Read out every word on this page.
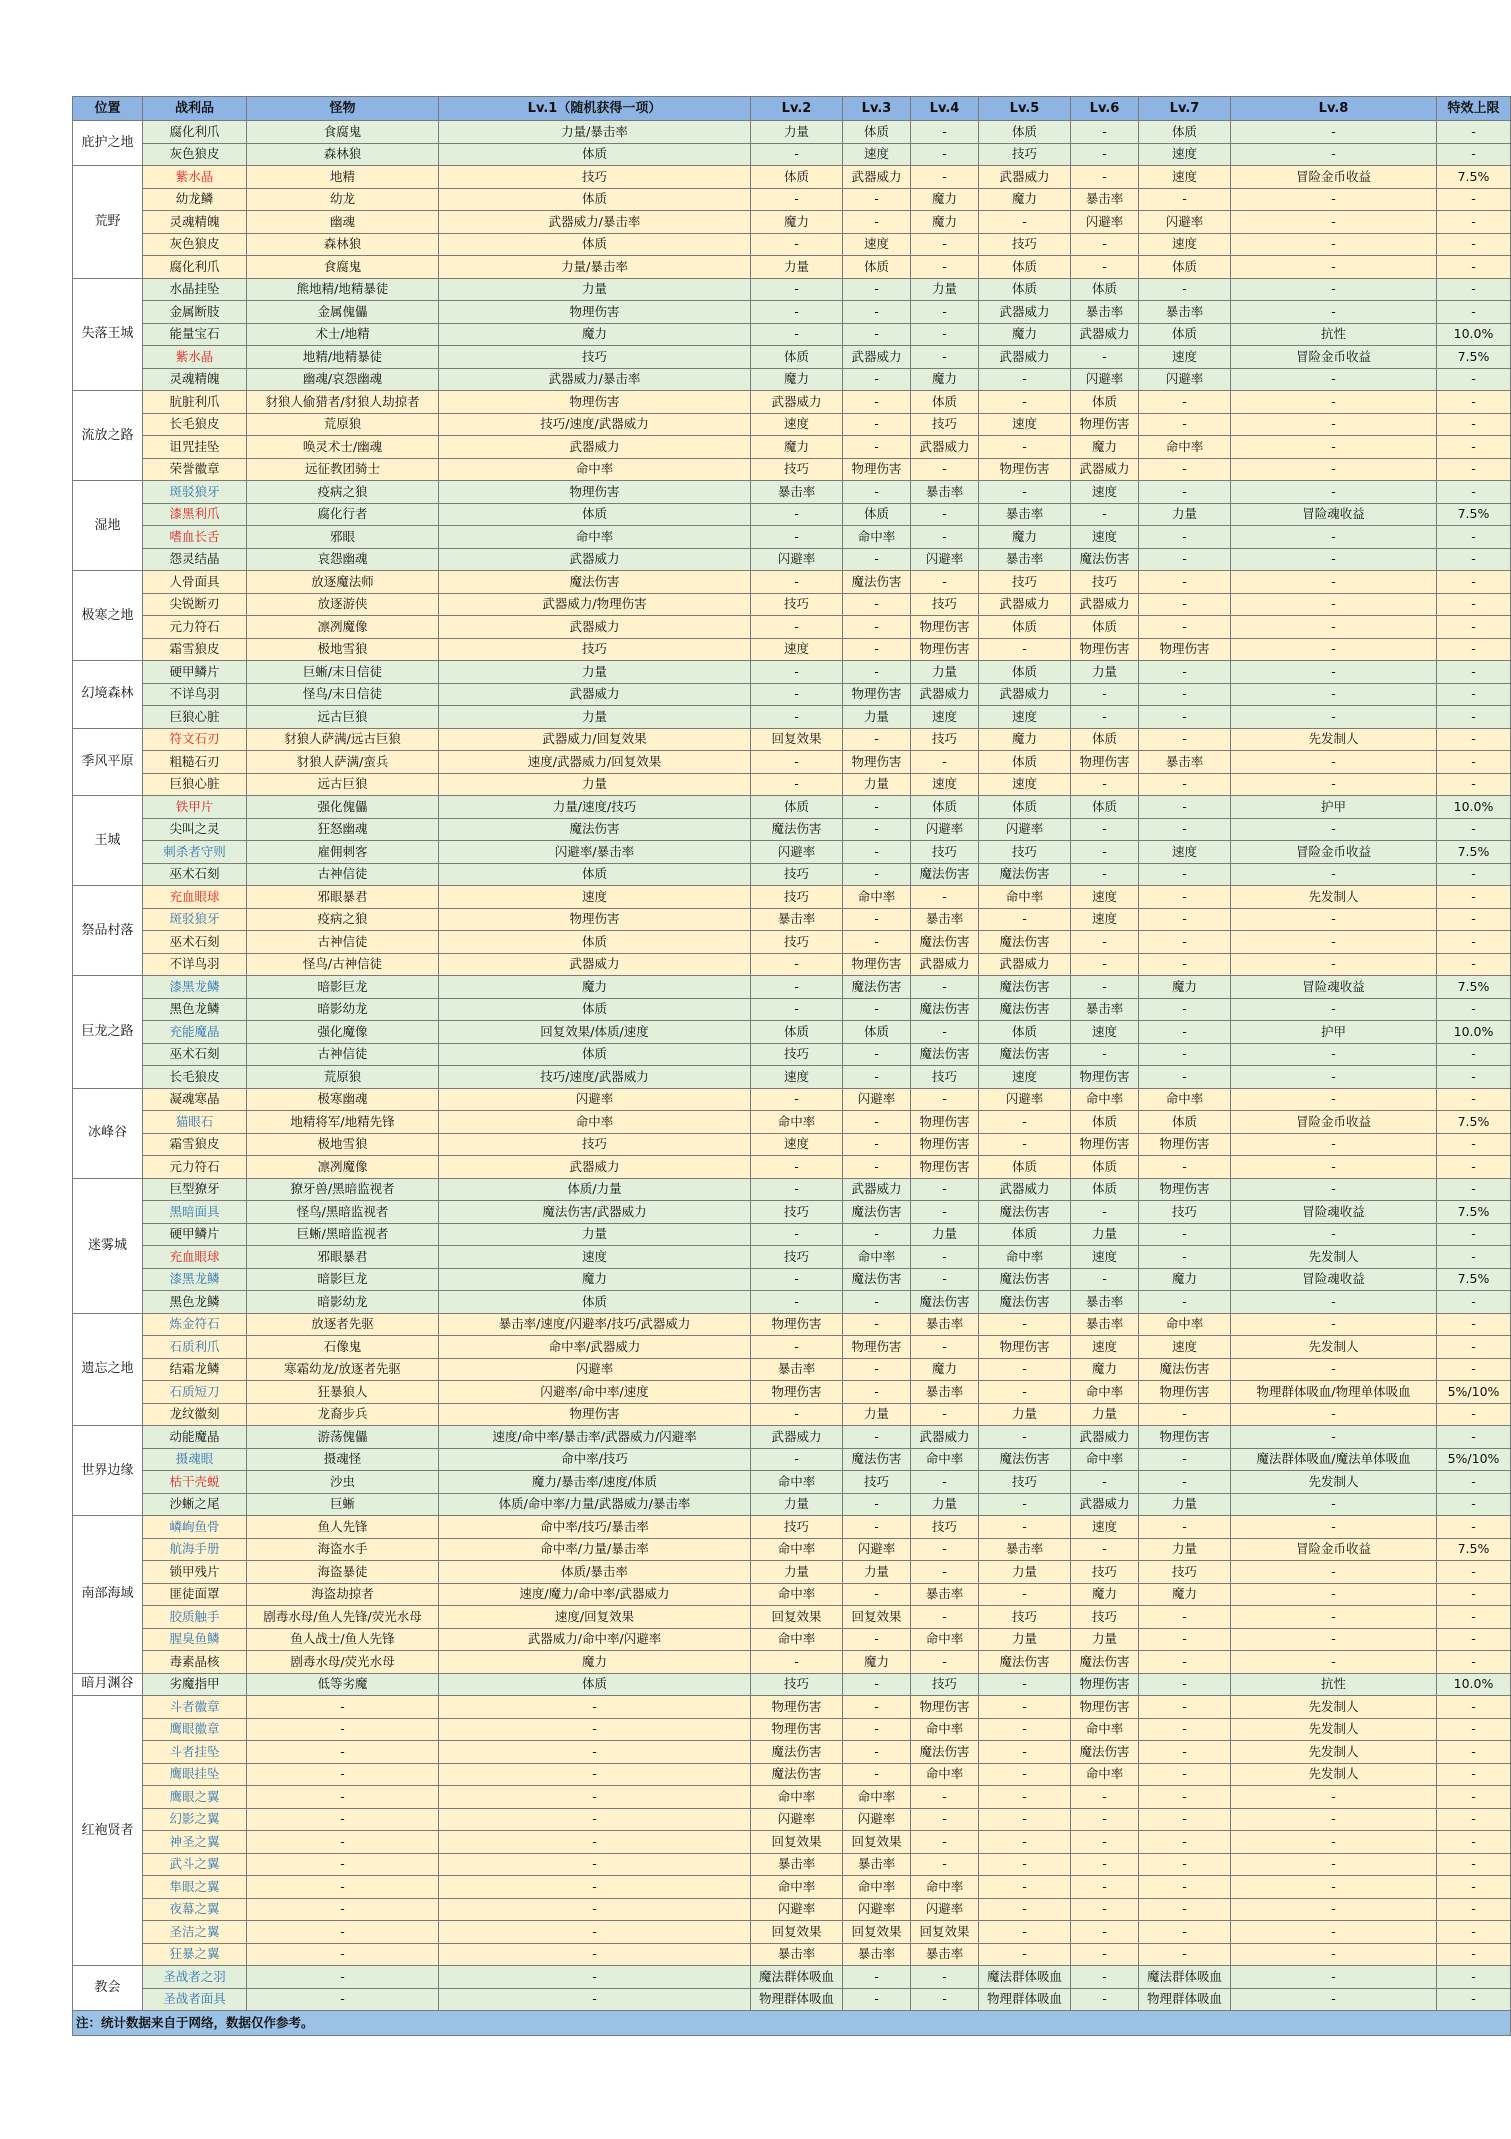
位置	战利品	怪物	Lv.1（随机获得一项）	Lv.2	Lv.3	Lv.4	Lv.5	Lv.6	Lv.7	Lv.8	特效上限
庇护之地	腐化利爪	食腐鬼	力量/暴击率	力量	体质	-	体质	-	体质	-	-
	灰色狼皮	森林狼	体质	-	速度	-	技巧	-	速度	-	-
荒野	紫水晶	地精	技巧	体质	武器威力	-	武器威力	-	速度	冒险金币收益	7.5%
	幼龙鳞	幼龙	体质	-	-	魔力	魔力	暴击率	-	-	-
	灵魂精魄	幽魂	武器威力/暴击率	魔力	-	魔力	-	闪避率	闪避率	-	-
	灰色狼皮	森林狼	体质	-	速度	-	技巧	-	速度	-	-
	腐化利爪	食腐鬼	力量/暴击率	力量	体质	-	体质	-	体质	-	-
失落王城	水晶挂坠	熊地精/地精暴徒	力量	-	-	力量	体质	体质	-	-	-
	金属断肢	金属傀儡	物理伤害	-	-	-	武器威力	暴击率	暴击率	-	-
	能量宝石	术士/地精	魔力	-	-	-	魔力	武器威力	体质	抗性	10.0%
	紫水晶	地精/地精暴徒	技巧	体质	武器威力	-	武器威力	-	速度	冒险金币收益	7.5%
	灵魂精魄	幽魂/哀怨幽魂	武器威力/暴击率	魔力	-	魔力	-	闪避率	闪避率	-	-
流放之路	肮脏利爪	豺狼人偷猎者/豺狼人劫掠者	物理伤害	武器威力	-	体质	-	体质	-	-	-
	长毛狼皮	荒原狼	技巧/速度/武器威力	速度	-	技巧	速度	物理伤害	-	-	-
	诅咒挂坠	唤灵术士/幽魂	武器威力	魔力	-	武器威力	-	魔力	命中率	-	-
	荣誉徽章	远征教团骑士	命中率	技巧	物理伤害	-	物理伤害	武器威力	-	-	-
湿地	斑驳狼牙	疫病之狼	物理伤害	暴击率	-	暴击率	-	速度	-	-	-
	漆黑利爪	腐化行者	体质	-	体质	-	暴击率	-	力量	冒险魂收益	7.5%
	嗜血长舌	邪眼	命中率	-	命中率	-	魔力	速度	-	-	-
	怨灵结晶	哀怨幽魂	武器威力	闪避率	-	闪避率	暴击率	魔法伤害	-	-	-
极寒之地	人骨面具	放逐魔法师	魔法伤害	-	魔法伤害	-	技巧	技巧	-	-	-
	尖锐断刃	放逐游侠	武器威力/物理伤害	技巧	-	技巧	武器威力	武器威力	-	-	-
	元力符石	凛冽魔像	武器威力	-	-	物理伤害	体质	体质	-	-	-
	霜雪狼皮	极地雪狼	技巧	速度	-	物理伤害	-	物理伤害	物理伤害	-	-
幻境森林	硬甲鳞片	巨蜥/末日信徒	力量	-	-	力量	体质	力量	-	-	-
	不详鸟羽	怪鸟/末日信徒	武器威力	-	物理伤害	武器威力	武器威力	-	-	-	-
	巨狼心脏	远古巨狼	力量	-	力量	速度	速度	-	-	-	-
季风平原	符文石刃	豺狼人萨满/远古巨狼	武器威力/回复效果	回复效果	-	技巧	魔力	体质	-	先发制人	-
	粗糙石刃	豺狼人萨满/蛮兵	速度/武器威力/回复效果	-	物理伤害	-	体质	物理伤害	暴击率	-	-
	巨狼心脏	远古巨狼	力量	-	力量	速度	速度	-	-	-	-
王城	铁甲片	强化傀儡	力量/速度/技巧	体质	-	体质	体质	体质	-	护甲	10.0%
	尖叫之灵	狂怒幽魂	魔法伤害	魔法伤害	-	闪避率	闪避率	-	-	-	-
	刺杀者守则	雇佣刺客	闪避率/暴击率	闪避率	-	技巧	技巧	-	速度	冒险金币收益	7.5%
	巫术石刻	古神信徒	体质	技巧	-	魔法伤害	魔法伤害	-	-	-	-
祭品村落	充血眼球	邪眼暴君	速度	技巧	命中率	-	命中率	速度	-	先发制人	-
	斑驳狼牙	疫病之狼	物理伤害	暴击率	-	暴击率	-	速度	-	-	-
	巫术石刻	古神信徒	体质	技巧	-	魔法伤害	魔法伤害	-	-	-	-
	不详鸟羽	怪鸟/古神信徒	武器威力	-	物理伤害	武器威力	武器威力	-	-	-	-
巨龙之路	漆黑龙鳞	暗影巨龙	魔力	-	魔法伤害	-	魔法伤害	-	魔力	冒险魂收益	7.5%
	黑色龙鳞	暗影幼龙	体质	-	-	魔法伤害	魔法伤害	暴击率	-	-	-
	充能魔晶	强化魔像	回复效果/体质/速度	体质	体质	-	体质	速度	-	护甲	10.0%
	巫术石刻	古神信徒	体质	技巧	-	魔法伤害	魔法伤害	-	-	-	-
	长毛狼皮	荒原狼	技巧/速度/武器威力	速度	-	技巧	速度	物理伤害	-	-	-
冰峰谷	凝魂寒晶	极寒幽魂	闪避率	-	闪避率	-	闪避率	命中率	命中率	-	-
	猫眼石	地精将军/地精先锋	命中率	命中率	-	物理伤害	-	体质	体质	冒险金币收益	7.5%
	霜雪狼皮	极地雪狼	技巧	速度	-	物理伤害	-	物理伤害	物理伤害	-	-
	元力符石	凛冽魔像	武器威力	-	-	物理伤害	体质	体质	-	-	-
迷雾城	巨型獠牙	獠牙兽/黑暗监视者	体质/力量	-	武器威力	-	武器威力	体质	物理伤害	-	-
	黑暗面具	怪鸟/黑暗监视者	魔法伤害/武器威力	技巧	魔法伤害	-	魔法伤害	-	技巧	冒险魂收益	7.5%
	硬甲鳞片	巨蜥/黑暗监视者	力量	-	-	力量	体质	力量	-	-	-
	充血眼球	邪眼暴君	速度	技巧	命中率	-	命中率	速度	-	先发制人	-
	漆黑龙鳞	暗影巨龙	魔力	-	魔法伤害	-	魔法伤害	-	魔力	冒险魂收益	7.5%
	黑色龙鳞	暗影幼龙	体质	-	-	魔法伤害	魔法伤害	暴击率	-	-	-
遗忘之地	炼金符石	放逐者先驱	暴击率/速度/闪避率/技巧/武器威力	物理伤害	-	暴击率	-	暴击率	命中率	-	-
	石质利爪	石像鬼	命中率/武器威力	-	物理伤害	-	物理伤害	速度	速度	先发制人	-
	结霜龙鳞	寒霜幼龙/放逐者先驱	闪避率	暴击率	-	魔力	-	魔力	魔法伤害	-	-
	石质短刀	狂暴狼人	闪避率/命中率/速度	物理伤害	-	暴击率	-	命中率	物理伤害	物理群体吸血/物理单体吸血	5%/10%
	龙纹徽刻	龙裔步兵	物理伤害	-	力量	-	力量	力量	-	-	-
世界边缘	动能魔晶	游荡傀儡	速度/命中率/暴击率/武器威力/闪避率	武器威力	-	武器威力	-	武器威力	物理伤害	-	-
	摄魂眼	摄魂怪	命中率/技巧	-	魔法伤害	命中率	魔法伤害	命中率	-	魔法群体吸血/魔法单体吸血	5%/10%
	枯干壳蜕	沙虫	魔力/暴击率/速度/体质	命中率	技巧	-	技巧	-	-	先发制人	-
	沙蜥之尾	巨蜥	体质/命中率/力量/武器威力/暴击率	力量	-	力量	-	武器威力	力量	-	-
南部海域	嶙峋鱼骨	鱼人先锋	命中率/技巧/暴击率	技巧	-	技巧	-	速度	-	-	-
	航海手册	海盗水手	命中率/力量/暴击率	命中率	闪避率	-	暴击率	-	力量	冒险金币收益	7.5%
	锁甲残片	海盗暴徒	体质/暴击率	力量	力量	-	力量	技巧	技巧	-	-
	匪徒面罩	海盗劫掠者	速度/魔力/命中率/武器威力	命中率	-	暴击率	-	魔力	魔力	-	-
	胶质触手	剧毒水母/鱼人先锋/荧光水母	速度/回复效果	回复效果	回复效果	-	技巧	技巧	-	-	-
	腥臭鱼鳞	鱼人战士/鱼人先锋	武器威力/命中率/闪避率	命中率	-	命中率	力量	力量	-	-	-
	毒素晶核	剧毒水母/荧光水母	魔力	-	魔力	-	魔法伤害	魔法伤害	-	-	-
暗月渊谷	劣魔指甲	低等劣魔	体质	技巧	-	技巧	-	物理伤害	-	抗性	10.0%
红袍贤者	斗者徽章	-	-	物理伤害	-	物理伤害	-	物理伤害	-	先发制人	-
	鹰眼徽章	-	-	物理伤害	-	命中率	-	命中率	-	先发制人	-
	斗者挂坠	-	-	魔法伤害	-	魔法伤害	-	魔法伤害	-	先发制人	-
	鹰眼挂坠	-	-	魔法伤害	-	命中率	-	命中率	-	先发制人	-
	鹰眼之翼	-	-	命中率	命中率	-	-	-	-	-	-
	幻影之翼	-	-	闪避率	闪避率	-	-	-	-	-	-
	神圣之翼	-	-	回复效果	回复效果	-	-	-	-	-	-
	武斗之翼	-	-	暴击率	暴击率	-	-	-	-	-	-
	隼眼之翼	-	-	命中率	命中率	命中率	-	-	-	-	-
	夜幕之翼	-	-	闪避率	闪避率	闪避率	-	-	-	-	-
	圣洁之翼	-	-	回复效果	回复效果	回复效果	-	-	-	-	-
	狂暴之翼	-	-	暴击率	暴击率	暴击率	-	-	-	-	-
教会	圣战者之羽	-	-	魔法群体吸血	-	-	魔法群体吸血	-	魔法群体吸血	-	-
	圣战者面具	-	-	物理群体吸血	-	-	物理群体吸血	-	物理群体吸血	-	-
注：统计数据来自于网络，数据仅作参考。											
